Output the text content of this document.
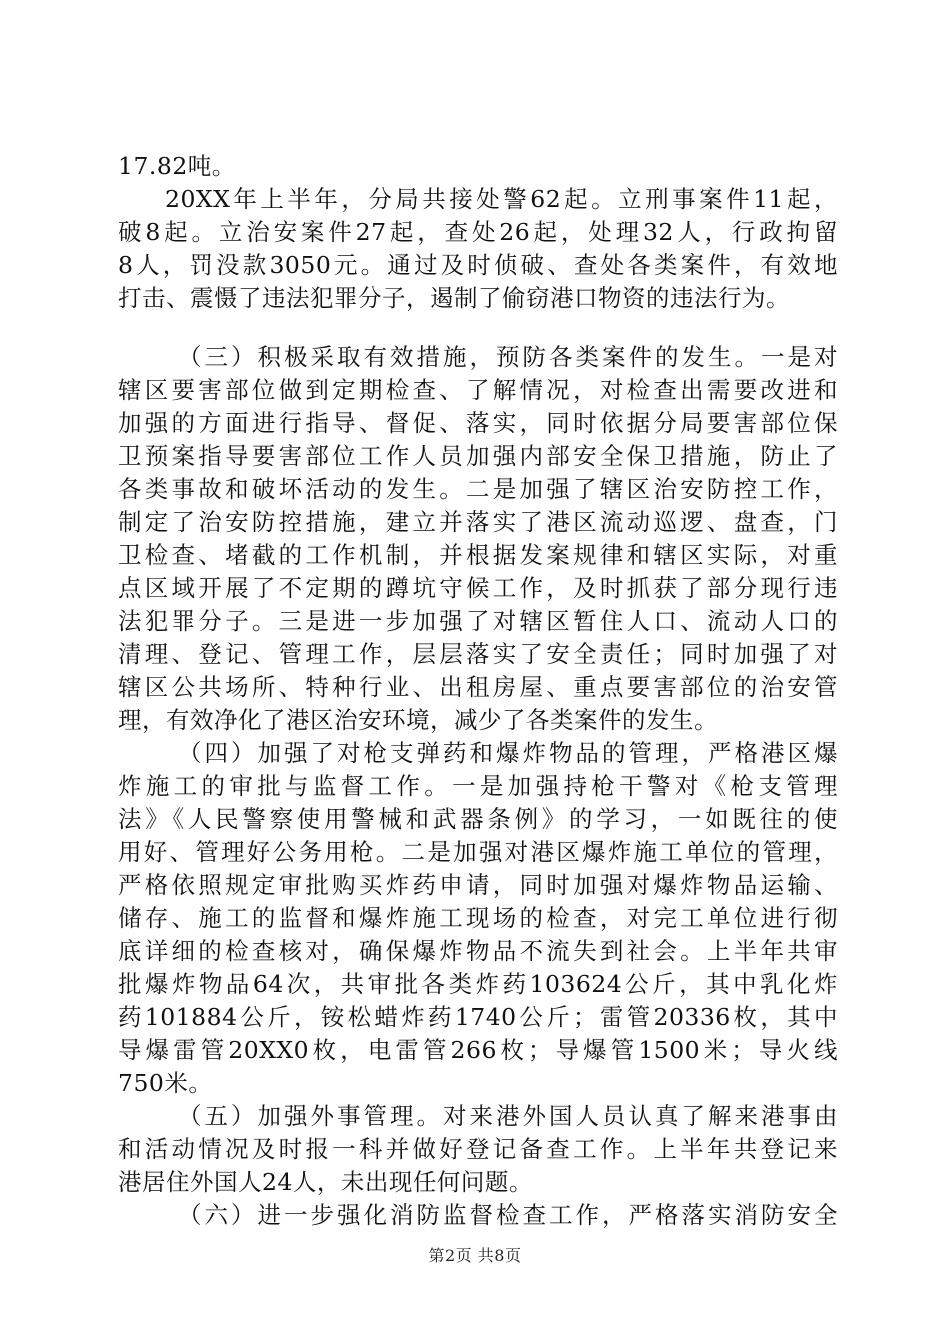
17.82吨。
20XX年上半年，分局共接处警62起。立刑事案件11起，
破8起。立治安案件27起，查处26起，处理32人，行政拘留
8人，罚没款3050元。通过及时侦破、查处各类案件，有效地
打击、震慑了违法犯罪分子，遏制了偷窃港口物资的违法行为。
（三）积极采取有效措施，预防各类案件的发生。一是对
辖区要害部位做到定期检查、了解情况，对检查出需要改进和
加强的方面进行指导、督促、落实，同时依据分局要害部位保
卫预案指导要害部位工作人员加强内部安全保卫措施，防止了
各类事故和破坏活动的发生。二是加强了辖区治安防控工作，
制定了治安防控措施，建立并落实了港区流动巡逻、盘查，门
卫检查、堵截的工作机制，并根据发案规律和辖区实际，对重
点区域开展了不定期的蹲坑守候工作，及时抓获了部分现行违
法犯罪分子。三是进一步加强了对辖区暂住人口、流动人口的
清理、登记、管理工作，层层落实了安全责任；同时加强了对
辖区公共场所、特种行业、出租房屋、重点要害部位的治安管
理，有效净化了港区治安环境，减少了各类案件的发生。
（四）加强了对枪支弹药和爆炸物品的管理，严格港区爆
炸施工的审批与监督工作。一是加强持枪干警对《枪支管理
法》《人民警察使用警械和武器条例》的学习，一如既往的使
用好、管理好公务用枪。二是加强对港区爆炸施工单位的管理，
严格依照规定审批购买炸药申请，同时加强对爆炸物品运输、
储存、施工的监督和爆炸施工现场的检查，对完工单位进行彻
底详细的检查核对，确保爆炸物品不流失到社会。上半年共审
批爆炸物品64次，共审批各类炸药103624公斤，其中乳化炸
药101884公斤，铵松蜡炸药1740公斤；雷管20336枚，其中
导爆雷管20XX0枚，电雷管266枚；导爆管1500米；导火线
750米。
（五）加强外事管理。对来港外国人员认真了解来港事由
和活动情况及时报一科并做好登记备查工作。上半年共登记来
港居住外国人24人，未出现任何问题。
（六）进一步强化消防监督检查工作，严格落实消防安全
第2页 共8页
